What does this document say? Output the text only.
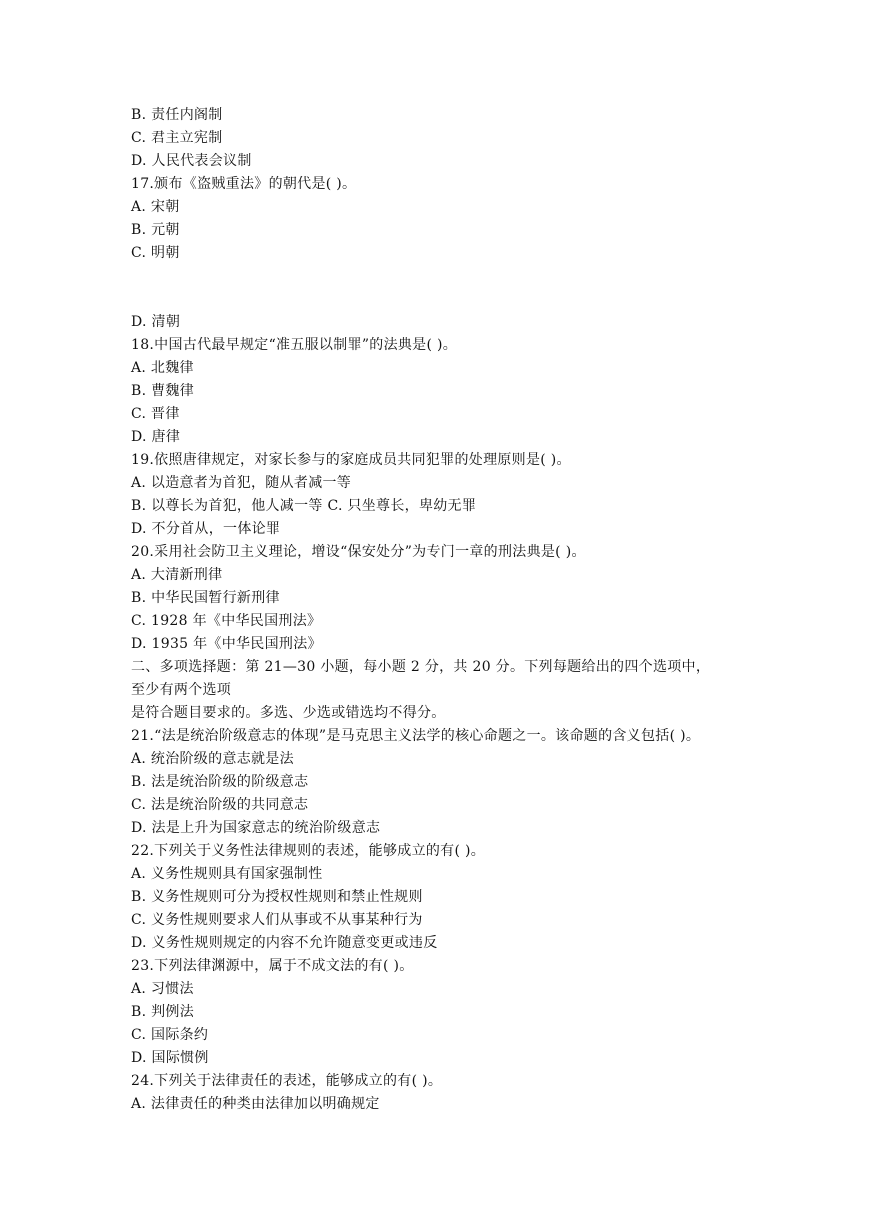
B. 责任内阁制
C. 君主立宪制
D. 人民代表会议制
17.颁布《盗贼重法》的朝代是( )。
A. 宋朝
B. 元朝
C. 明朝
D. 清朝
18.中国古代最早规定“准五服以制罪”的法典是( )。
A. 北魏律
B. 曹魏律
C. 晋律
D. 唐律
19.依照唐律规定，对家长参与的家庭成员共同犯罪的处理原则是( )。
A. 以造意者为首犯，随从者减一等
B. 以尊长为首犯，他人减一等 C. 只坐尊长，卑幼无罪
D. 不分首从，一体论罪
20.采用社会防卫主义理论，增设“保安处分”为专门一章的刑法典是( )。
A. 大清新刑律
B. 中华民国暂行新刑律
C. 1928 年《中华民国刑法》
D. 1935 年《中华民国刑法》
二、多项选择题：第 21—30 小题，每小题 2 分，共 20 分。下列每题给出的四个选项中，
至少有两个选项
是符合题目要求的。多选、少选或错选均不得分。
21.“法是统治阶级意志的体现”是马克思主义法学的核心命题之一。该命题的含义包括( )。
A. 统治阶级的意志就是法
B. 法是统治阶级的阶级意志
C. 法是统治阶级的共同意志
D. 法是上升为国家意志的统治阶级意志
22.下列关于义务性法律规则的表述，能够成立的有( )。
A. 义务性规则具有国家强制性
B. 义务性规则可分为授权性规则和禁止性规则
C. 义务性规则要求人们从事或不从事某种行为
D. 义务性规则规定的内容不允许随意变更或违反
23.下列法律渊源中，属于不成文法的有( )。
A. 习惯法
B. 判例法
C. 国际条约
D. 国际惯例
24.下列关于法律责任的表述，能够成立的有( )。
A. 法律责任的种类由法律加以明确规定
